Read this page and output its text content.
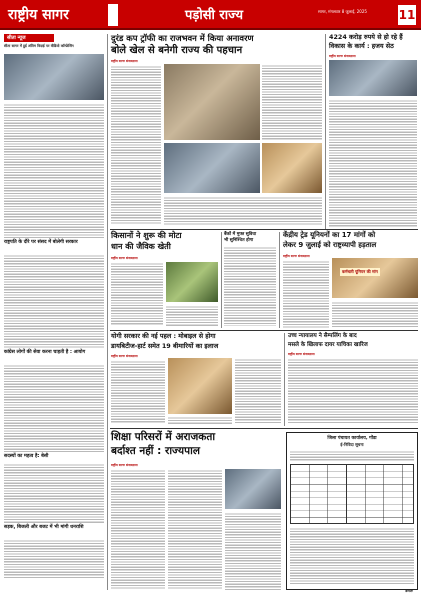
राष्ट्रीय सागर	पड़ोसी राज्य	सागर, मंगलवार 8 जुलाई, 2025	11
सीता न्यूज
सीता सागर में हुई अंतिम विदाई पर वीडियो कॉन्फ्रेंसिंग
राष्ट्रपति के दौरे पर संसद में बोलेगी सरकार
कांग्रेस लोगों की सेवा करना चाहती है : आयोग
सदस्यों का महत्व है: बेसी
सड़क, बिजली और बजट में भी मांगी धनराशि
दुरंड कप ट्रॉफी का राजभवन में किया अनावरण
बोले खेल से बनेगी राज्य की पहचान
राष्ट्रीय सागर संवाददाता
4224 करोड़ रुपये से हो रहे हैं
विकास के कार्य : हजय सेठ
राष्ट्रीय सागर संवाददाता
किसानों ने शुरू की मोटा
धान की जैविक खेती
राष्ट्रीय सागर संवाददाता
बैंकों में मुफ्त सुविधा
भी सुनिश्चित होगा
केंद्रीय ट्रेड यूनियनों का 17 मांगों को
लेकर 9 जुलाई को राष्ट्रव्यापी हड़ताल
राष्ट्रीय सागर संवाददाता
कर्मचारी यूनियन की मांग
योगी सरकार की नई पहल : मोबाइल से होगा
डायबिटीज-हार्ट समेत 19 बीमारियों का इलाज
राष्ट्रीय सागर संवाददाता
उच्च न्यायालय ने सैम्पलिंग के बाद
मसले के खिलाफ दायर याचिका खारिज
राष्ट्रीय सागर संवाददाता
शिक्षा परिसरों में अराजकता
बर्दाश्त नहीं : राज्यपाल
राष्ट्रीय सागर संवाददाता
जिला पंचायत कार्यालय, गोंडा
ई-निविदा सूचना
क्रमशः
